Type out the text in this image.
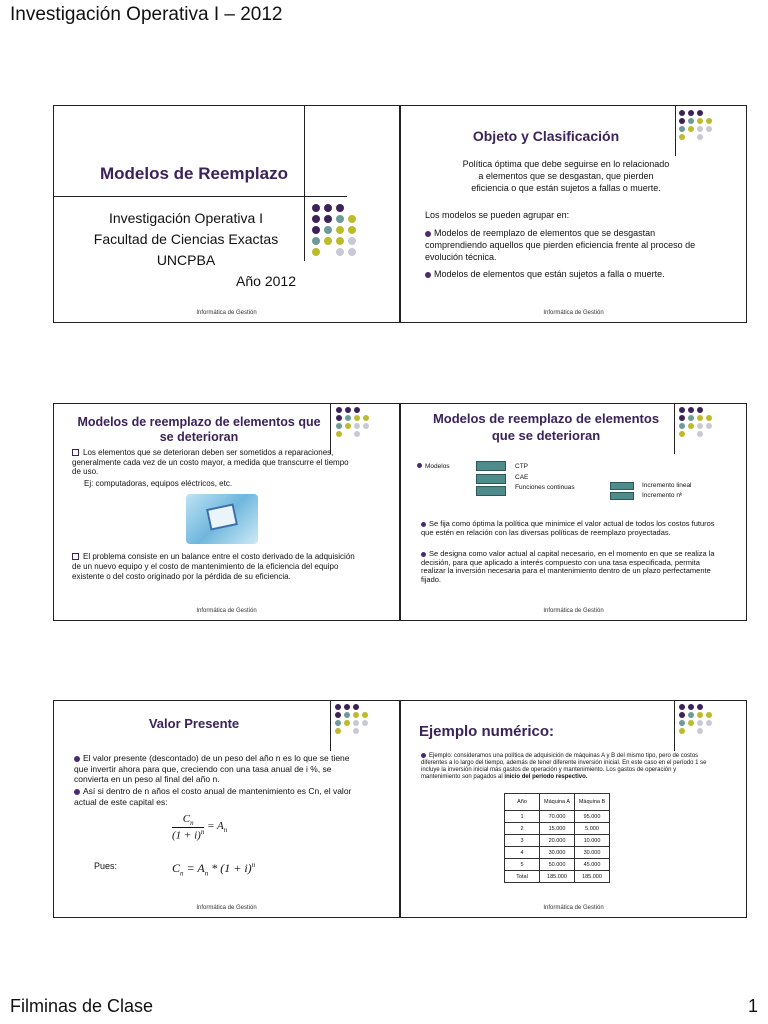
Investigación Operativa I – 2012
Modelos de Reemplazo
Investigación Operativa I
Facultad de Ciencias Exactas
UNCPBA
Año 2012
Informática de Gestión
Objeto y Clasificación
Política óptima que debe seguirse en lo relacionado
a elementos que se desgastan, que pierden
eficiencia o que están sujetos a fallas o muerte.
Los modelos se pueden agrupar en:
Modelos de reemplazo de elementos que se desgastan comprendiendo aquellos que pierden eficiencia frente al proceso de evolución técnica.
Modelos de elementos que están sujetos a falla o muerte.
Informática de Gestión
Modelos de reemplazo de elementos que se deterioran
Los elementos que se deterioran deben ser sometidos a reparaciones, generalmente cada vez de un costo mayor, a medida que transcurre el tiempo de uso.
Ej: computadoras, equipos eléctricos, etc.
El problema consiste en un balance entre el costo derivado de la adquisición de un nuevo equipo y el costo de mantenimiento de la eficiencia del equipo existente o del costo originado por la pérdida de su eficiencia.
Informática de Gestión
Modelos de reemplazo de elementos que se deterioran
Modelos	CTP
CAE
Funciones continuas	Incremento lineal
Incremento nᵏ
Se fija como óptima la política que minimice el valor actual de todos los costos futuros que estén en relación con las diversas políticas de reemplazo proyectadas.
Se designa como valor actual al capital necesario, en el momento en que se realiza la decisión, para que aplicado a interés compuesto con una tasa especificada, permita realizar la inversión necesaria para el mantenimiento dentro de un plazo perfectamente fijado.
Informática de Gestión
Valor Presente
El valor presente (descontado) de un peso del año n es lo que se tiene que invertir ahora para que, creciendo con una tasa anual de i %, se convierta en un peso al final del año n.
Así si dentro de n años el costo anual de mantenimiento es Cn, el valor actual de este capital es:
$\frac{C_n}{(1 + i)^n} = A_n$
Pues:	$C_n = A_n * (1 + i)^n$
Informática de Gestión
Ejemplo numérico:
Ejemplo: consideramos una política de adquisición de máquinas A y B del mismo tipo, pero de costos diferentes a lo largo del tiempo, además de tener diferente inversión inicial. En este caso en el período 1 se incluye la inversión inicial más gastos de operación y mantenimiento. Los gastos de operación y mantenimiento son pagados al inicio del período respectivo.
Año	Máquina A	Máquina B
1	70.000	95.000
2	15.000	5.000
3	20.000	10.000
4	30.000	30.000
5	50.000	45.000
Total	185.000	185.000
Informática de Gestión
Filminas de Clase	1
